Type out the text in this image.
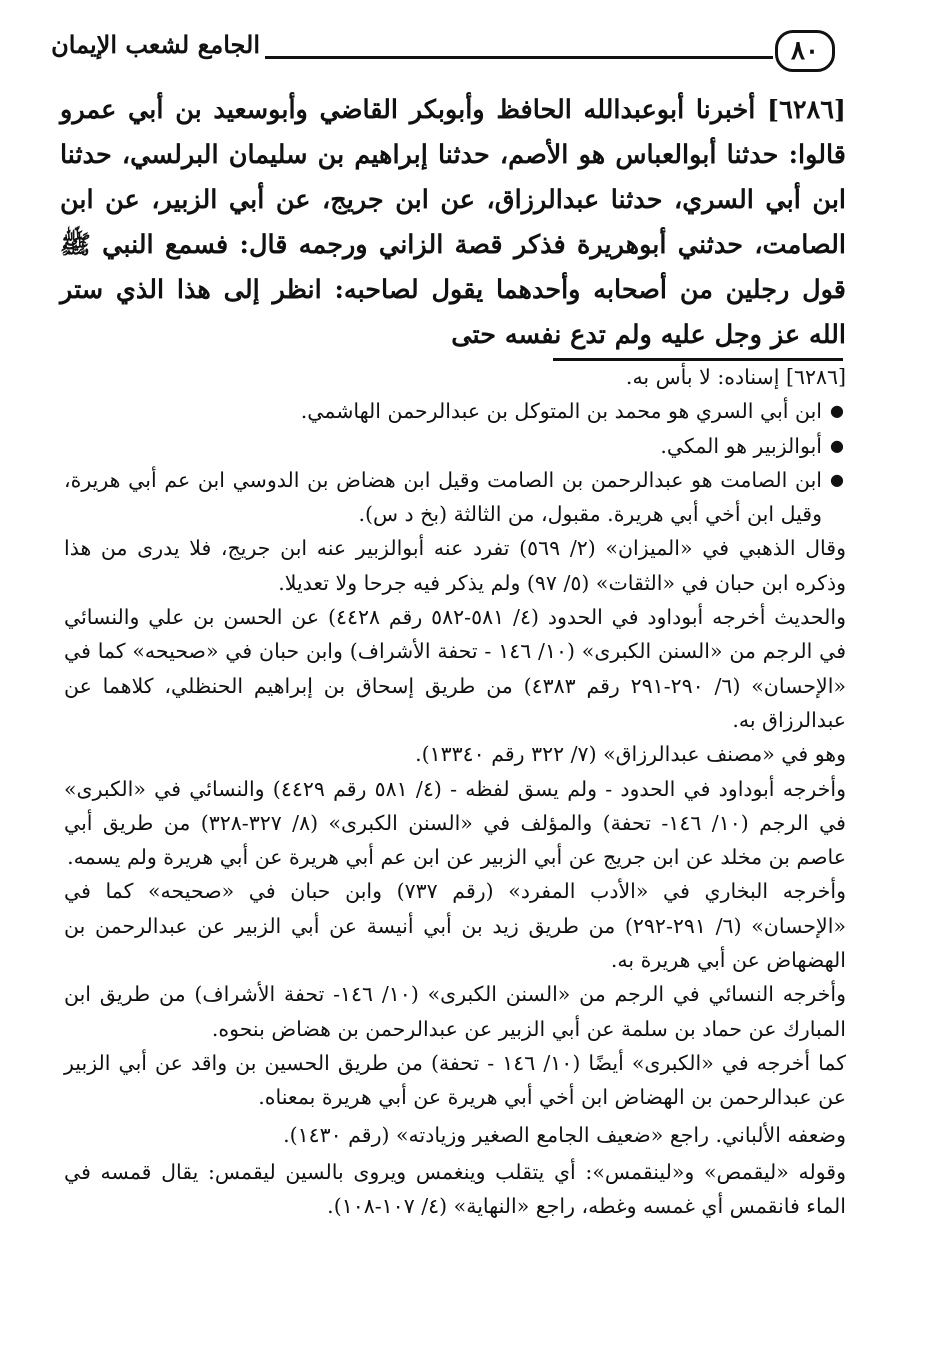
٨٠
الجامع لشعب الإيمان

[٦٢٨٦] أخبرنا أبوعبدالله الحافظ وأبوبكر القاضي وأبوسعيد بن أبي عمرو قالوا: حدثنا أبوالعباس هو الأصم، حدثنا إبراهيم بن سليمان البرلسي، حدثنا ابن أبي السري، حدثنا عبدالرزاق، عن ابن جريج، عن أبي الزبير، عن ابن الصامت، حدثني أبوهريرة فذكر قصة الزاني ورجمه قال: فسمع النبي ﷺ قول رجلين من أصحابه وأحدهما يقول لصاحبه: انظر إلى هذا الذي ستر الله عز وجل عليه ولم تدع نفسه حتى

[٦٢٨٦] إسناده: لا بأس به.

●
ابن أبي السري هو محمد بن المتوكل بن عبدالرحمن الهاشمي.
●
أبوالزبير هو المكي.
●
ابن الصامت هو عبدالرحمن بن الصامت وقيل ابن هضاض بن الدوسي ابن عم أبي هريرة، وقيل ابن أخي أبي هريرة. مقبول، من الثالثة (بخ د س).

وقال الذهبي في «الميزان» (٢/ ٥٦٩) تفرد عنه أبوالزبير عنه ابن جريج، فلا يدرى من هذا وذكره ابن حبان في «الثقات» (٥/ ٩٧) ولم يذكر فيه جرحا ولا تعديلا.

والحديث أخرجه أبوداود في الحدود (٤/ ٥٨١-٥٨٢ رقم ٤٤٢٨) عن الحسن بن علي والنسائي في الرجم من «السنن الكبرى» (١٠/ ١٤٦ - تحفة الأشراف) وابن حبان في «صحيحه» كما في «الإحسان» (٦/ ٢٩٠-٢٩١ رقم ٤٣٨٣) من طريق إسحاق بن إبراهيم الحنظلي، كلاهما عن عبدالرزاق به.

وهو في «مصنف عبدالرزاق» (٧/ ٣٢٢ رقم ١٣٣٤٠).

وأخرجه أبوداود في الحدود - ولم يسق لفظه - (٤/ ٥٨١ رقم ٤٤٢٩) والنسائي في «الكبرى» في الرجم (١٠/ ١٤٦- تحفة) والمؤلف في «السنن الكبرى» (٨/ ٣٢٧-٣٢٨) من طريق أبي عاصم بن مخلد عن ابن جريج عن أبي الزبير عن ابن عم أبي هريرة عن أبي هريرة ولم يسمه.

وأخرجه البخاري في «الأدب المفرد» (رقم ٧٣٧) وابن حبان في «صحيحه» كما في «الإحسان» (٦/ ٢٩١-٢٩٢) من طريق زيد بن أبي أنيسة عن أبي الزبير عن عبدالرحمن بن الهضهاض عن أبي هريرة به.

وأخرجه النسائي في الرجم من «السنن الكبرى» (١٠/ ١٤٦- تحفة الأشراف) من طريق ابن المبارك عن حماد بن سلمة عن أبي الزبير عن عبدالرحمن بن هضاض بنحوه.

كما أخرجه في «الكبرى» أيضًا (١٠/ ١٤٦ - تحفة) من طريق الحسين بن واقد عن أبي الزبير عن عبدالرحمن بن الهضاض ابن أخي أبي هريرة عن أبي هريرة بمعناه.

وضعفه الألباني. راجع «ضعيف الجامع الصغير وزيادته» (رقم ١٤٣٠).

وقوله «ليقمص» و«لينقمس»: أي يتقلب وينغمس ويروى بالسين ليقمس: يقال قمسه في الماء فانقمس أي غمسه وغطه، راجع «النهاية» (٤/ ١٠٧-١٠٨).
